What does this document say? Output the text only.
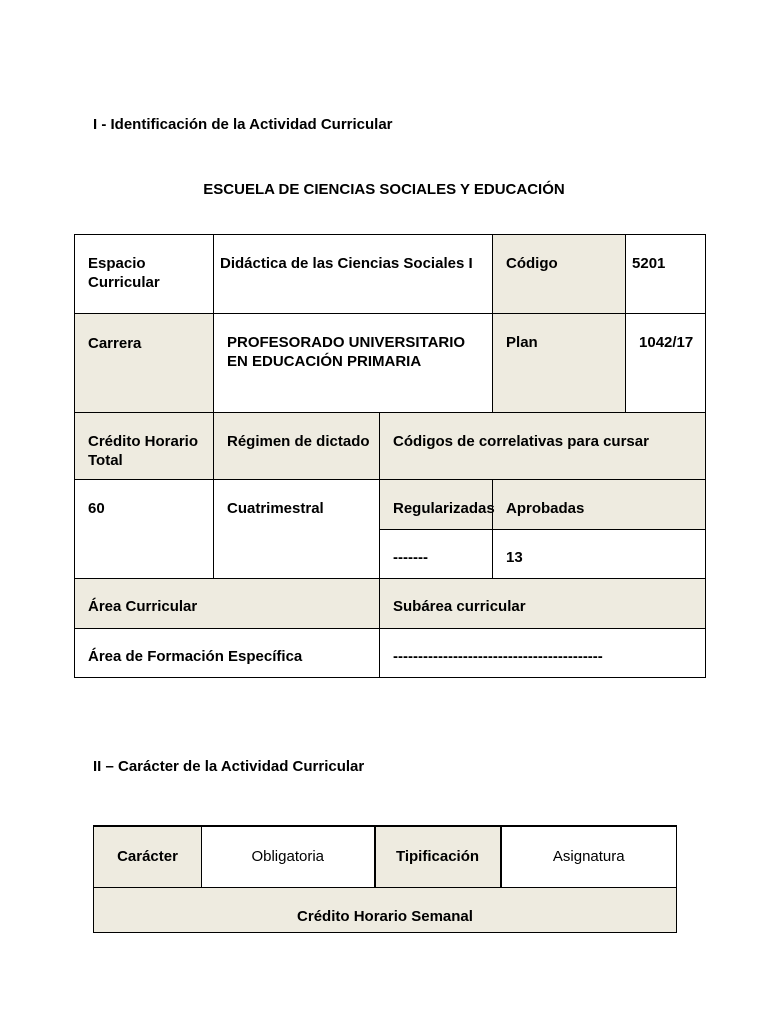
I - Identificación de la Actividad Curricular
ESCUELA DE CIENCIAS SOCIALES Y EDUCACIÓN
Espacio Curricular	Didáctica de las Ciencias Sociales I		Código	5201
Carrera	PROFESORADO UNIVERSITARIO EN EDUCACIÓN PRIMARIA		Plan	1042/17
Crédito Horario Total	Régimen de dictado	Códigos de correlativas para cursar		
60	Cuatrimestral	Regularizadas	Aprobadas	
		-------	13	
Área Curricular		Subárea curricular		
Área de Formación Específica		------------------------------------------		
II – Carácter de la Actividad Curricular
Carácter	Obligatoria	Tipificación	Asignatura
Crédito Horario Semanal
